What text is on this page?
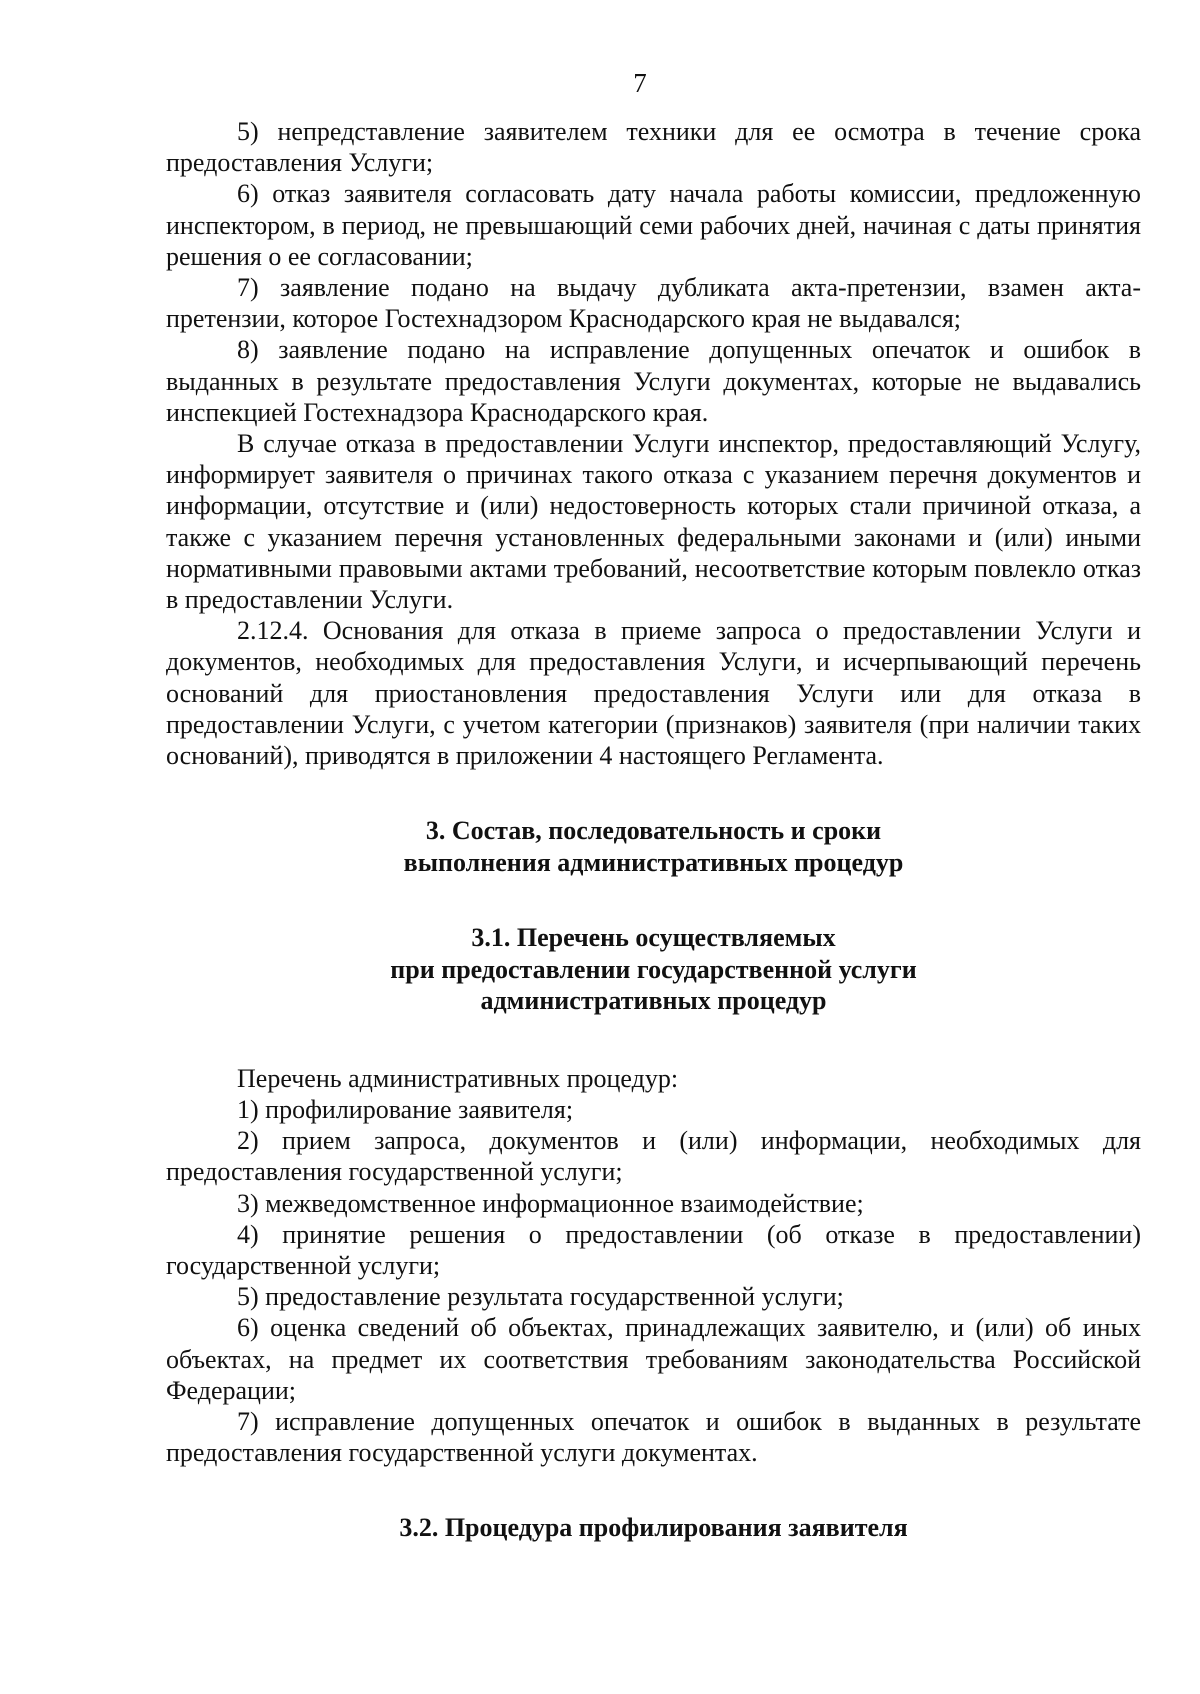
7

5) непредставление заявителем техники для ее осмотра в течение срока предоставления Услуги;

6) отказ заявителя согласовать дату начала работы комиссии, предложенную инспектором, в период, не превышающий семи рабочих дней, начиная с даты принятия решения о ее согласовании;

7) заявление подано на выдачу дубликата акта-претензии, взамен акта-претензии, которое Гостехнадзором Краснодарского края не выдавался;

8) заявление подано на исправление допущенных опечаток и ошибок в выданных в результате предоставления Услуги документах, которые не выдавались инспекцией Гостехнадзора Краснодарского края.

В случае отказа в предоставлении Услуги инспектор, предоставляющий Услугу, информирует заявителя о причинах такого отказа с указанием перечня документов и информации, отсутствие и (или) недостоверность которых стали причиной отказа, а также с указанием перечня установленных федеральными законами и (или) иными нормативными правовыми актами требований, несоответствие которым повлекло отказ в предоставлении Услуги.

2.12.4. Основания для отказа в приеме запроса о предоставлении Услуги и документов, необходимых для предоставления Услуги, и исчерпывающий перечень оснований для приостановления предоставления Услуги или для отказа в предоставлении Услуги, с учетом категории (признаков) заявителя (при наличии таких оснований), приводятся в приложении 4 настоящего Регламента.

3. Состав, последовательность и сроки
выполнения административных процедур
3.1. Перечень осуществляемых
при предоставлении государственной услуги
административных процедур

Перечень административных процедур:

1) профилирование заявителя;

2) прием запроса, документов и (или) информации, необходимых для предоставления государственной услуги;

3) межведомственное информационное взаимодействие;

4) принятие решения о предоставлении (об отказе в предоставлении) государственной услуги;

5) предоставление результата государственной услуги;

6) оценка сведений об объектах, принадлежащих заявителю, и (или) об иных объектах, на предмет их соответствия требованиям законодательства Российской Федерации;

7) исправление допущенных опечаток и ошибок в выданных в результате предоставления государственной услуги документах.

3.2. Процедура профилирования заявителя
